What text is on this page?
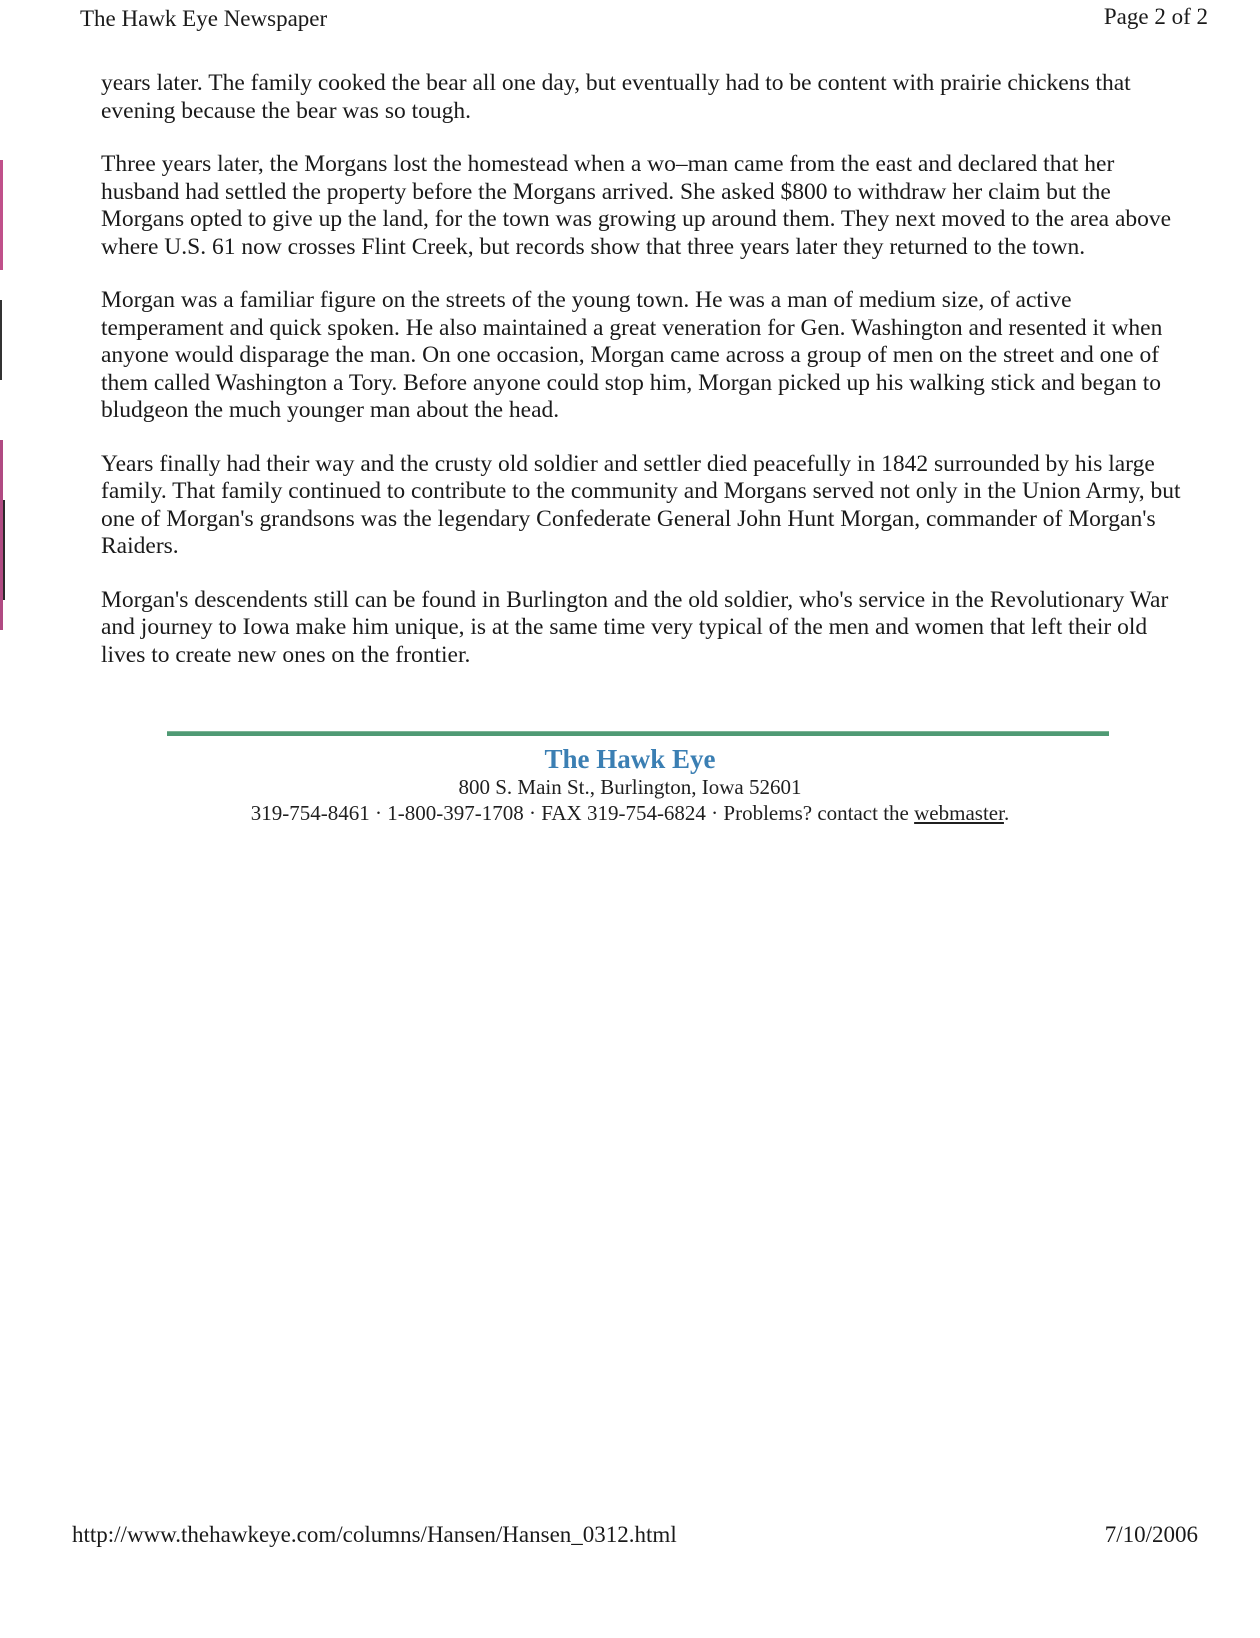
The Hawk Eye Newspaper	Page 2 of 2

years later. The family cooked the bear all one day, but eventually had to be content with prairie chickens that evening because the bear was so tough.

Three years later, the Morgans lost the homestead when a wo–man came from the east and declared that her husband had settled the property before the Morgans arrived. She asked $800 to withdraw her claim but the Morgans opted to give up the land, for the town was growing up around them. They next moved to the area above where U.S. 61 now crosses Flint Creek, but records show that three years later they returned to the town.

Morgan was a familiar figure on the streets of the young town. He was a man of medium size, of active temperament and quick spoken. He also maintained a great veneration for Gen. Washington and resented it when anyone would disparage the man. On one occasion, Morgan came across a group of men on the street and one of them called Washington a Tory. Before anyone could stop him, Morgan picked up his walking stick and began to bludgeon the much younger man about the head.

Years finally had their way and the crusty old soldier and settler died peacefully in 1842 surrounded by his large family. That family continued to contribute to the community and Morgans served not only in the Union Army, but one of Morgan's grandsons was the legendary Confederate General John Hunt Morgan, commander of Morgan's Raiders.

Morgan's descendents still can be found in Burlington and the old soldier, who's service in the Revolutionary War and journey to Iowa make him unique, is at the same time very typical of the men and women that left their old lives to create new ones on the frontier.

The Hawk Eye
800 S. Main St., Burlington, Iowa 52601
319-754-8461 · 1-800-397-1708 · FAX 319-754-6824 · Problems? contact the webmaster.
http://www.thehawkeye.com/columns/Hansen/Hansen_0312.html	7/10/2006
